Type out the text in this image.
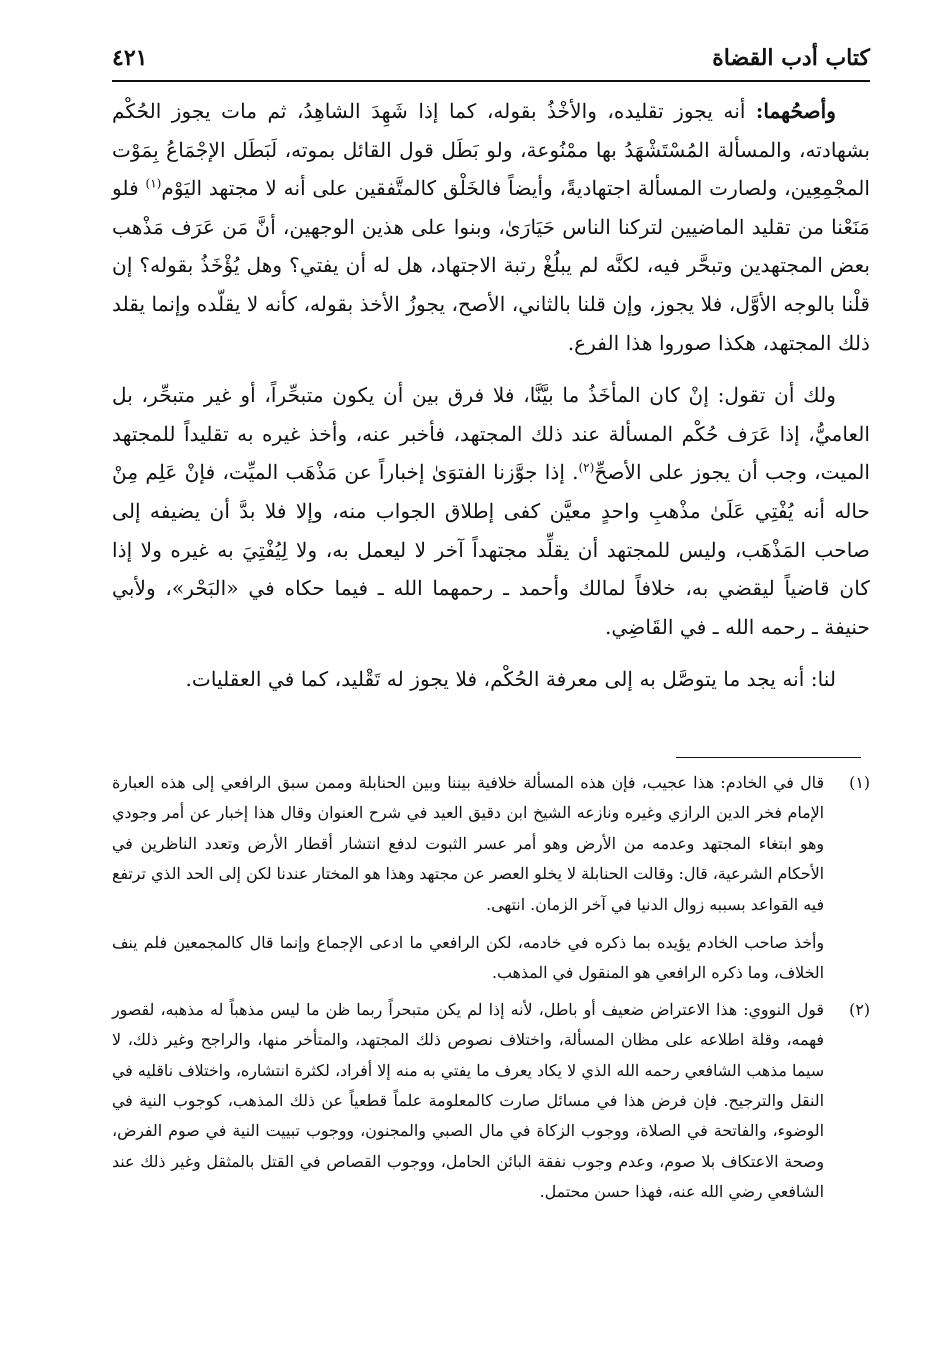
كتاب أدب القضاة
٤٢١

وأصحُهما: أنه يجوز تقليده، والأخْذُ بقوله، كما إذا شَهِدَ الشاهِدُ، ثم مات يجوز الحُكْم بشهادته، والمسألة المُسْتَشْهَدُ بها ممْنُوعة، ولو بَطَل قول القائل بموته، لَبَطَل الإجْمَاعُ بِمَوْت المجْمِعِين، ولصارت المسألة اجتهاديةً، وأيضاً فالخَلْق كالمتَّفقين على أنه لا مجتهد اليَوْم$^{(١)}$ فلو مَنَعْنا من تقليد الماضيين لتركنا الناس حَيَارَىٰ، وبنوا على هذين الوجهين، أنَّ مَن عَرَف مَذْهب بعض المجتهدين وتبحَّر فيه، لكنَّه لم يبلُغْ رتبة الاجتهاد، هل له أن يفتي؟ وهل يُؤْخَذُ بقوله؟ إن قلْنا بالوجه الأوَّل، فلا يجوز، وإن قلنا بالثاني، الأصح، يجوزُ الأخذ بقوله، كأنه لا يقلّده وإنما يقلد ذلك المجتهد، هكذا صوروا هذا الفرع.

ولك أن تقول: إنْ كان المأخَذُ ما بيَّنَّا، فلا فرق بين أن يكون متبحِّراً، أو غير متبحِّر، بل العاميُّ، إذا عَرَف حُكْم المسألة عند ذلك المجتهد، فأخبر عنه، وأخذ غيره به تقليداً للمجتهد الميت، وجب أن يجوز على الأصحِّ$^{(٢)}$. إذا جوَّزنا الفتوَىٰ إخباراً عن مَذْهَب الميِّت، فإنْ عَلِم مِنْ حاله أنه يُفْتِي عَلَىٰ مذْهبِ واحدٍ معيَّن كفى إطلاق الجواب منه، وإلا فلا بدَّ أن يضيفه إلى صاحب المَذْهَب، وليس للمجتهد أن يقلِّد مجتهداً آخر لا ليعمل به، ولا لِيُفْتِيَ به غيره ولا إذا كان قاضياً ليقضي به، خلافاً لمالك وأحمد ـ رحمهما الله ـ فيما حكاه في «البَحْر»، ولأبي حنيفة ـ رحمه الله ـ في القَاضِي.

لنا: أنه يجد ما يتوصَّل به إلى معرفة الحُكْم، فلا يجوز له تَقْليد، كما في العقليات.

(١)
قال في الخادم: هذا عجيب، فإن هذه المسألة خلافية بيننا وبين الحنابلة وممن سبق الرافعي إلى هذه العبارة الإمام فخر الدين الرازي وغيره ونازعه الشيخ ابن دقيق العيد في شرح العنوان وقال هذا إخبار عن أمر وجودي وهو ابتغاء المجتهد وعدمه من الأرض وهو أمر عسر الثبوت لدفع انتشار أقطار الأرض وتعدد الناظرين في الأحكام الشرعية، قال: وقالت الحنابلة لا يخلو العصر عن مجتهد وهذا هو المختار عندنا لكن إلى الحد الذي ترتفع فيه القواعد بسببه زوال الدنيا في آخر الزمان. انتهى.
وأخذ صاحب الخادم يؤيده بما ذكره في خادمه، لكن الرافعي ما ادعى الإجماع وإنما قال كالمجمعين فلم ينف الخلاف، وما ذكره الرافعي هو المنقول في المذهب.
(٢)
قول النووي: هذا الاعتراض ضعيف أو باطل، لأنه إذا لم يكن متبحراً ربما ظن ما ليس مذهباً له مذهبه، لقصور فهمه، وقلة اطلاعه على مظان المسألة، واختلاف نصوص ذلك المجتهد، والمتأخر منها، والراجح وغير ذلك، لا سيما مذهب الشافعي رحمه الله الذي لا يكاد يعرف ما يفتي به منه إلا أفراد، لكثرة انتشاره، واختلاف ناقليه في النقل والترجيح. فإن فرض هذا في مسائل صارت كالمعلومة علماً قطعياً عن ذلك المذهب، كوجوب النية في الوضوء، والفاتحة في الصلاة، ووجوب الزكاة في مال الصبي والمجنون، ووجوب تبييت النية في صوم الفرض، وصحة الاعتكاف بلا صوم، وعدم وجوب نفقة البائن الحامل، ووجوب القصاص في القتل بالمثقل وغير ذلك عند الشافعي رضي الله عنه، فهذا حسن محتمل.
